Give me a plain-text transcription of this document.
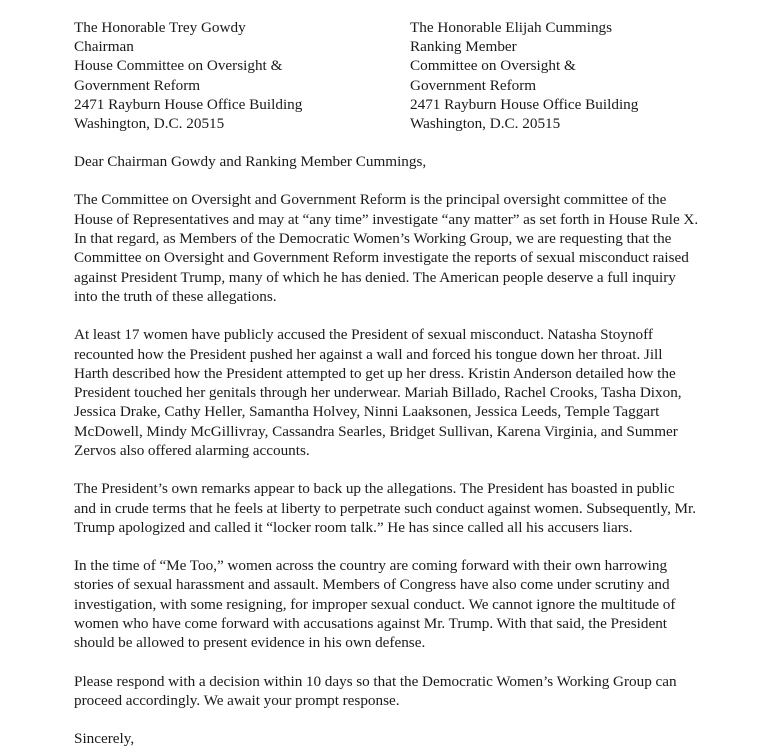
The Honorable Trey Gowdy
Chairman
House Committee on Oversight &
Government Reform
2471 Rayburn House Office Building
Washington, D.C. 20515
The Honorable Elijah Cummings
Ranking Member
Committee on Oversight &
Government Reform
2471 Rayburn House Office Building
Washington, D.C. 20515
Dear Chairman Gowdy and Ranking Member Cummings,

The Committee on Oversight and Government Reform is the principal oversight committee of the House of Representatives and may at “any time” investigate “any matter” as set forth in House Rule X. In that regard, as Members of the Democratic Women’s Working Group, we are requesting that the Committee on Oversight and Government Reform investigate the reports of sexual misconduct raised against President Trump, many of which he has denied. The American people deserve a full inquiry into the truth of these allegations.

At least 17 women have publicly accused the President of sexual misconduct. Natasha Stoynoff recounted how the President pushed her against a wall and forced his tongue down her throat. Jill Harth described how the President attempted to get up her dress. Kristin Anderson detailed how the President touched her genitals through her underwear. Mariah Billado, Rachel Crooks, Tasha Dixon, Jessica Drake, Cathy Heller, Samantha Holvey, Ninni Laaksonen, Jessica Leeds, Temple Taggart McDowell, Mindy McGillivray, Cassandra Searles, Bridget Sullivan, Karena Virginia, and Summer Zervos also offered alarming accounts.

The President’s own remarks appear to back up the allegations. The President has boasted in public and in crude terms that he feels at liberty to perpetrate such conduct against women. Subsequently, Mr. Trump apologized and called it “locker room talk.” He has since called all his accusers liars.

In the time of “Me Too,” women across the country are coming forward with their own harrowing stories of sexual harassment and assault. Members of Congress have also come under scrutiny and investigation, with some resigning, for improper sexual conduct. We cannot ignore the multitude of women who have come forward with accusations against Mr. Trump. With that said, the President should be allowed to present evidence in his own defense.

Please respond with a decision within 10 days so that the Democratic Women’s Working Group can proceed accordingly. We await your prompt response.

Sincerely,
